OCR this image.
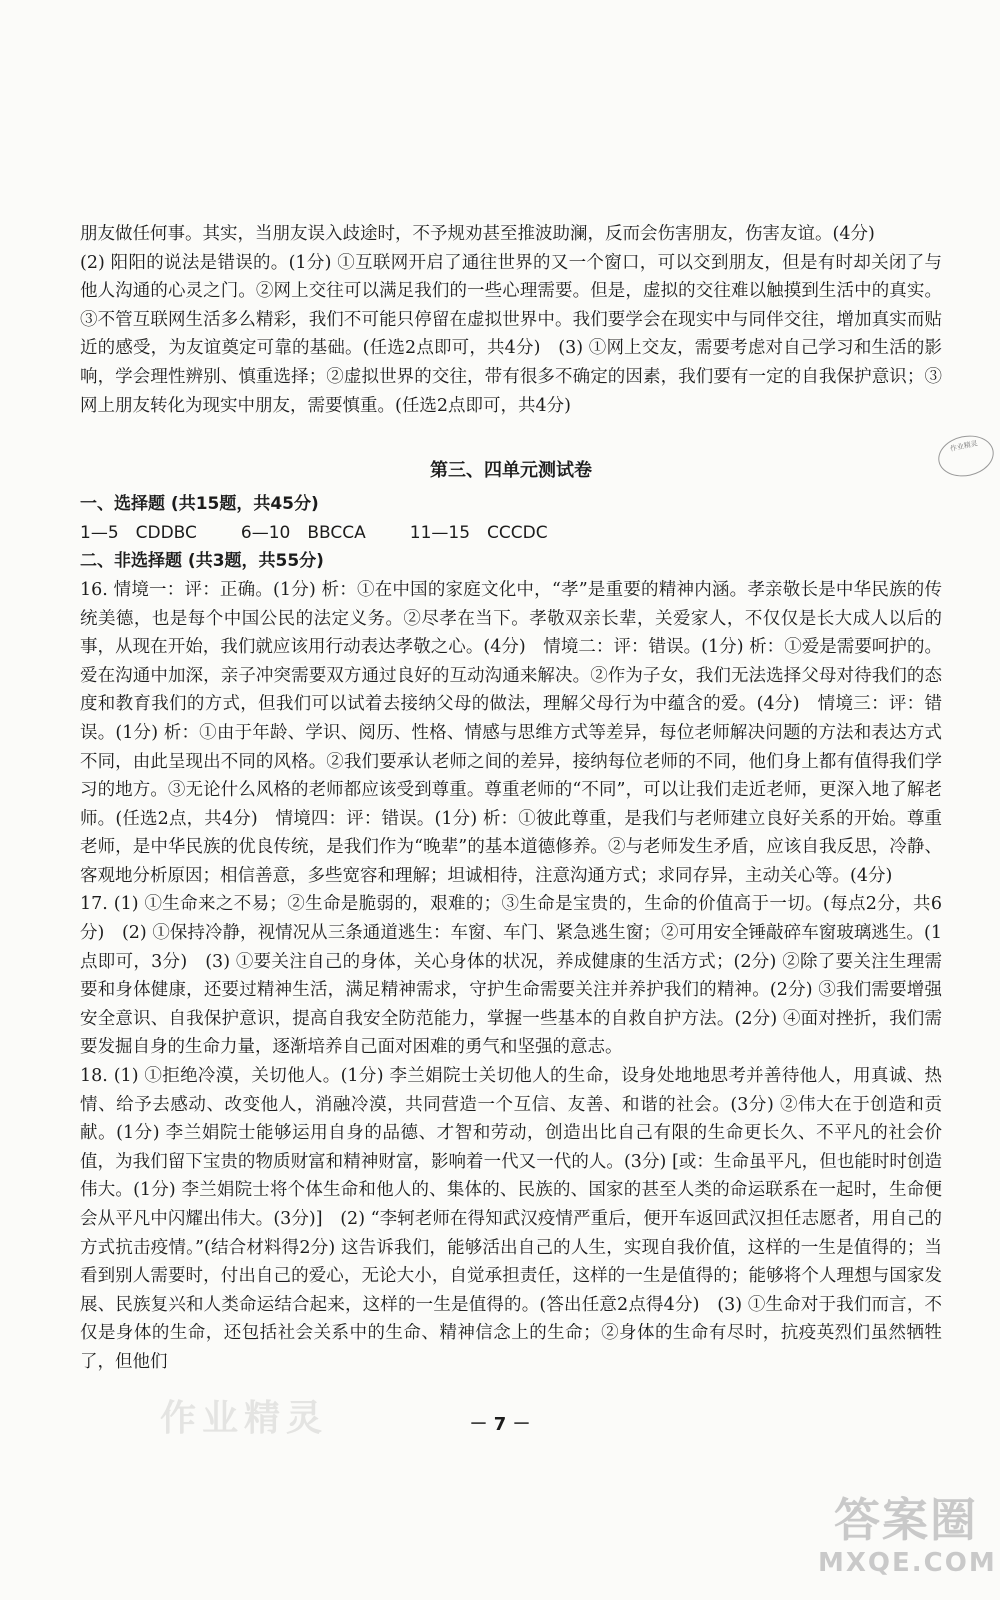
朋友做任何事。其实，当朋友误入歧途时，不予规劝甚至推波助澜，反而会伤害朋友，伤害友谊。(4分)

(2) 阳阳的说法是错误的。(1分) ①互联网开启了通往世界的又一个窗口，可以交到朋友，但是有时却关闭了与他人沟通的心灵之门。②网上交往可以满足我们的一些心理需要。但是，虚拟的交往难以触摸到生活中的真实。③不管互联网生活多么精彩，我们不可能只停留在虚拟世界中。我们要学会在现实中与同伴交往，增加真实而贴近的感受，为友谊奠定可靠的基础。(任选2点即可，共4分)　(3) ①网上交友，需要考虑对自己学习和生活的影响，学会理性辨别、慎重选择；②虚拟世界的交往，带有很多不确定的因素，我们要有一定的自我保护意识；③网上朋友转化为现实中朋友，需要慎重。(任选2点即可，共4分)

第三、四单元测试卷

一、选择题 (共15题，共45分)

1—5　CDDBC	6—10　BBCCA	11—15　CCCDC

二、非选择题 (共3题，共55分)

16. 情境一：评：正确。(1分) 析：①在中国的家庭文化中，“孝”是重要的精神内涵。孝亲敬长是中华民族的传统美德，也是每个中国公民的法定义务。②尽孝在当下。孝敬双亲长辈，关爱家人，不仅仅是长大成人以后的事，从现在开始，我们就应该用行动表达孝敬之心。(4分)　情境二：评：错误。(1分) 析：①爱是需要呵护的。爱在沟通中加深，亲子冲突需要双方通过良好的互动沟通来解决。②作为子女，我们无法选择父母对待我们的态度和教育我们的方式，但我们可以试着去接纳父母的做法，理解父母行为中蕴含的爱。(4分)　情境三：评：错误。(1分) 析：①由于年龄、学识、阅历、性格、情感与思维方式等差异，每位老师解决问题的方法和表达方式不同，由此呈现出不同的风格。②我们要承认老师之间的差异，接纳每位老师的不同，他们身上都有值得我们学习的地方。③无论什么风格的老师都应该受到尊重。尊重老师的“不同”，可以让我们走近老师，更深入地了解老师。(任选2点，共4分)　情境四：评：错误。(1分) 析：①彼此尊重，是我们与老师建立良好关系的开始。尊重老师，是中华民族的优良传统，是我们作为“晚辈”的基本道德修养。②与老师发生矛盾，应该自我反思，冷静、客观地分析原因；相信善意，多些宽容和理解；坦诚相待，注意沟通方式；求同存异，主动关心等。(4分)

17. (1) ①生命来之不易；②生命是脆弱的，艰难的；③生命是宝贵的，生命的价值高于一切。(每点2分，共6分)　(2) ①保持冷静，视情况从三条通道逃生：车窗、车门、紧急逃生窗；②可用安全锤敲碎车窗玻璃逃生。(1点即可，3分)　(3) ①要关注自己的身体，关心身体的状况，养成健康的生活方式；(2分) ②除了要关注生理需要和身体健康，还要过精神生活，满足精神需求，守护生命需要关注并养护我们的精神。(2分) ③我们需要增强安全意识、自我保护意识，提高自我安全防范能力，掌握一些基本的自救自护方法。(2分) ④面对挫折，我们需要发掘自身的生命力量，逐渐培养自己面对困难的勇气和坚强的意志。

18. (1) ①拒绝冷漠，关切他人。(1分) 李兰娟院士关切他人的生命，设身处地地思考并善待他人，用真诚、热情、给予去感动、改变他人，消融冷漠，共同营造一个互信、友善、和谐的社会。(3分) ②伟大在于创造和贡献。(1分) 李兰娟院士能够运用自身的品德、才智和劳动，创造出比自己有限的生命更长久、不平凡的社会价值，为我们留下宝贵的物质财富和精神财富，影响着一代又一代的人。(3分) [或：生命虽平凡，但也能时时创造伟大。(1分) 李兰娟院士将个体生命和他人的、集体的、民族的、国家的甚至人类的命运联系在一起时，生命便会从平凡中闪耀出伟大。(3分)]　(2) “李轲老师在得知武汉疫情严重后，便开车返回武汉担任志愿者，用自己的方式抗击疫情。”(结合材料得2分) 这告诉我们，能够活出自己的人生，实现自我价值，这样的一生是值得的；当看到别人需要时，付出自己的爱心，无论大小，自觉承担责任，这样的一生是值得的；能够将个人理想与国家发展、民族复兴和人类命运结合起来，这样的一生是值得的。(答出任意2点得4分)　(3) ①生命对于我们而言，不仅是身体的生命，还包括社会关系中的生命、精神信念上的生命；②身体的生命有尽时，抗疫英烈们虽然牺牲了，但他们

作业精灵
－ 7 －
作业精灵
答案圈
MXQE.COM
